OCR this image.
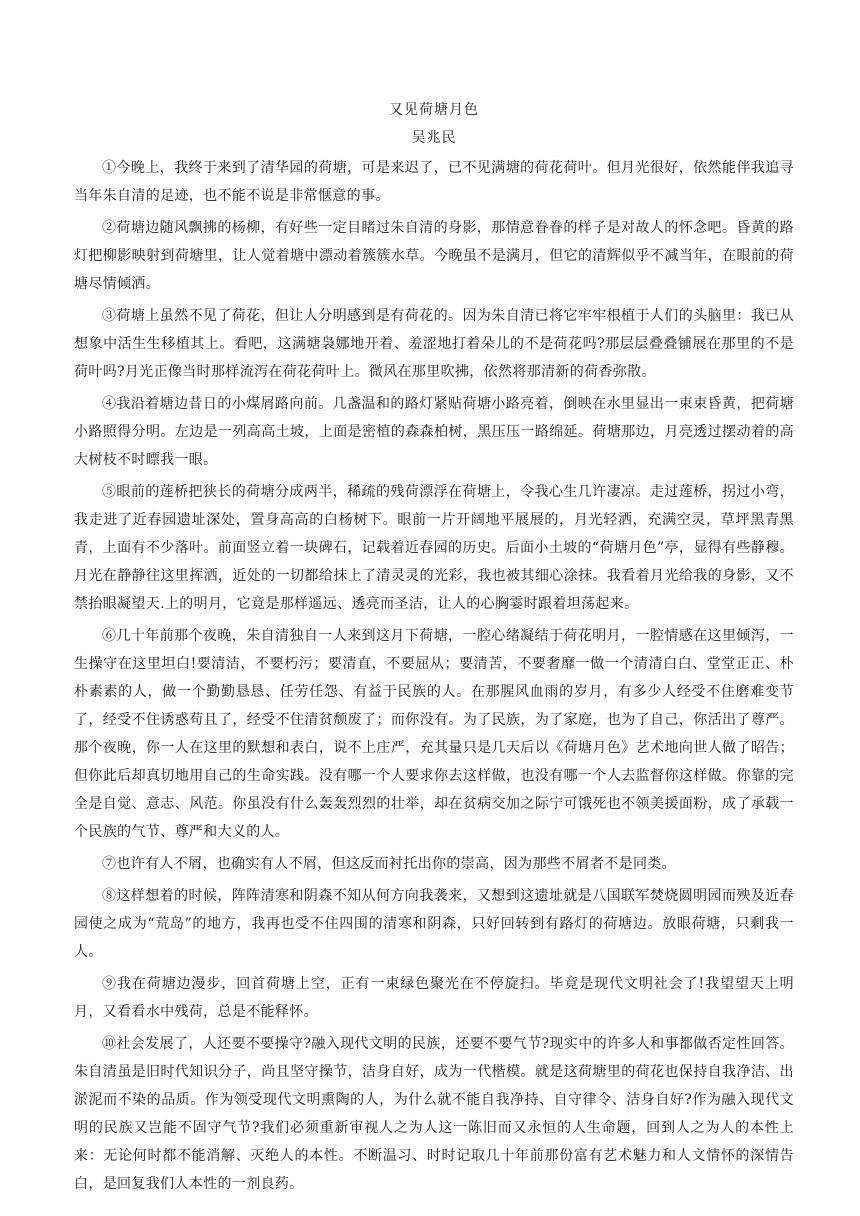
又见荷塘月色
吴兆民

①今晚上，我终于来到了清华园的荷塘，可是来迟了，已不见满塘的荷花荷叶。但月光很好，依然能伴我追寻当年朱自清的足迹，也不能不说是非常惬意的事。

②荷塘边随风飘拂的杨柳，有好些一定目睹过朱自清的身影，那情意眷眷的样子是对故人的怀念吧。昏黄的路灯把柳影映射到荷塘里，让人觉着塘中漂动着簇簇水草。今晚虽不是满月，但它的清辉似乎不减当年，在眼前的荷塘尽情倾洒。

③荷塘上虽然不见了荷花，但让人分明感到是有荷花的。因为朱自清已将它牢牢根植于人们的头脑里：我已从想象中活生生移植其上。看吧，这满塘袅娜地开着、羞涩地打着朵儿的不是荷花吗?那层层叠叠铺展在那里的不是荷叶吗?月光正像当时那样流泻在荷花荷叶上。微风在那里吹拂，依然将那清新的荷香弥散。

④我沿着塘边昔日的小煤屑路向前。几盏温和的路灯紧贴荷塘小路亮着，倒映在水里显出一束束昏黄，把荷塘小路照得分明。左边是一列高高土坡，上面是密植的森森柏树，黑压压一路绵延。荷塘那边，月亮透过摆动着的高大树枝不时瞟我一眼。

⑤眼前的莲桥把狭长的荷塘分成两半，稀疏的残荷漂浮在荷塘上，令我心生几许凄凉。走过莲桥，拐过小弯，我走进了近春园遗址深处，置身高高的白杨树下。眼前一片开阔地平展展的，月光轻洒，充满空灵，草坪黑青黑青，上面有不少落叶。前面竖立着一块碑石，记载着近春园的历史。后面小土坡的“荷塘月色”亭，显得有些静穆。月光在静静往这里挥洒，近处的一切都给抹上了清灵灵的光彩，我也被其细心涂抹。我看着月光给我的身影，又不禁抬眼凝望天.上的明月，它竟是那样遥远、透亮而圣洁，让人的心胸霎时跟着坦荡起来。

⑥几十年前那个夜晚，朱自清独自一人来到这月下荷塘，一腔心绪凝结于荷花明月，一腔情感在这里倾泻，一生操守在这里坦白!要清洁，不要朽污；要清直，不要屈从；要清苦，不要奢靡一做一个清清白白、堂堂正正、朴朴素素的人，做一个勤勤恳恳、任劳任怨、有益于民族的人。在那腥风血雨的岁月，有多少人经受不住磨难变节了，经受不住诱惑苟且了，经受不住清贫颓废了；而你没有。为了民族，为了家庭，也为了自己，你活出了尊严。那个夜晚，你一人在这里的默想和表白，说不上庄严，充其量只是几天后以《荷塘月色》艺术地向世人做了昭告；但你此后却真切地用自己的生命实践。没有哪一个人要求你去这样做，也没有哪一个人去监督你这样做。你靠的完全是自觉、意志、风范。你虽没有什么轰轰烈烈的壮举，却在贫病交加之际宁可饿死也不领美援面粉，成了承载一个民族的气节、尊严和大义的人。

⑦也许有人不屑，也确实有人不屑，但这反而衬托出你的崇高，因为那些不屑者不是同类。

⑧这样想着的时候，阵阵清寒和阴森不知从何方向我袭来，又想到这遗址就是八国联军焚烧圆明园而殃及近春园使之成为“荒岛”的地方，我再也受不住四围的清寒和阴森，只好回转到有路灯的荷塘边。放眼荷塘，只剩我一人。

⑨我在荷塘边漫步，回首荷塘上空，正有一束绿色聚光在不停旋扫。毕竟是现代文明社会了!我望望天上明月，又看看水中残荷，总是不能释怀。

⑩社会发展了，人还要不要操守?融入现代文明的民族，还要不要气节?现实中的许多人和事都做否定性回答。朱自清虽是旧时代知识分子，尚且坚守操节，洁身自好，成为一代楷模。就是这荷塘里的荷花也保持自我净洁、出淤泥而不染的品质。作为领受现代文明熏陶的人，为什么就不能自我净持、自守律令、洁身自好?作为融入现代文明的民族又岂能不固守气节?我们必须重新审视人之为人这一陈旧而又永恒的人生命题，回到人之为人的本性上来：无论何时都不能消解、灭绝人的本性。不断温习、时时记取几十年前那份富有艺术魅力和人文情怀的深情告白，是回复我们人本性的一剂良药。
